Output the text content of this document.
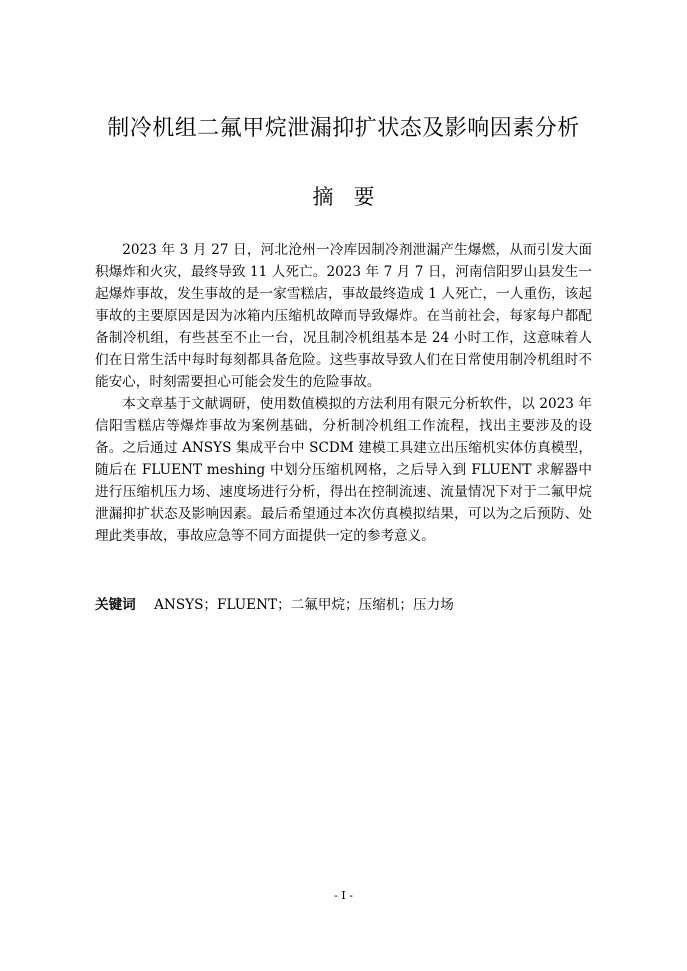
制冷机组二氟甲烷泄漏抑扩状态及影响因素分析
摘要

2023 年 3 月 27 日，河北沧州一冷库因制冷剂泄漏产生爆燃，从而引发大面积爆炸和火灾，最终导致 11 人死亡。2023 年 7 月 7 日，河南信阳罗山县发生一起爆炸事故，发生事故的是一家雪糕店，事故最终造成 1 人死亡，一人重伤，该起事故的主要原因是因为冰箱内压缩机故障而导致爆炸。在当前社会，每家每户都配备制冷机组，有些甚至不止一台，况且制冷机组基本是 24 小时工作，这意味着人们在日常生活中每时每刻都具备危险。这些事故导致人们在日常使用制冷机组时不能安心，时刻需要担心可能会发生的危险事故。

本文章基于文献调研，使用数值模拟的方法利用有限元分析软件，以 2023 年信阳雪糕店等爆炸事故为案例基础，分析制冷机组工作流程，找出主要涉及的设备。之后通过 ANSYS 集成平台中 SCDM 建模工具建立出压缩机实体仿真模型，随后在 FLUENT meshing 中划分压缩机网格，之后导入到 FLUENT 求解器中进行压缩机压力场、速度场进行分析，得出在控制流速、流量情况下对于二氟甲烷泄漏抑扩状态及影响因素。最后希望通过本次仿真模拟结果，可以为之后预防、处理此类事故，事故应急等不同方面提供一定的参考意义。

关键词 ANSYS；FLUENT；二氟甲烷；压缩机；压力场
- I -
